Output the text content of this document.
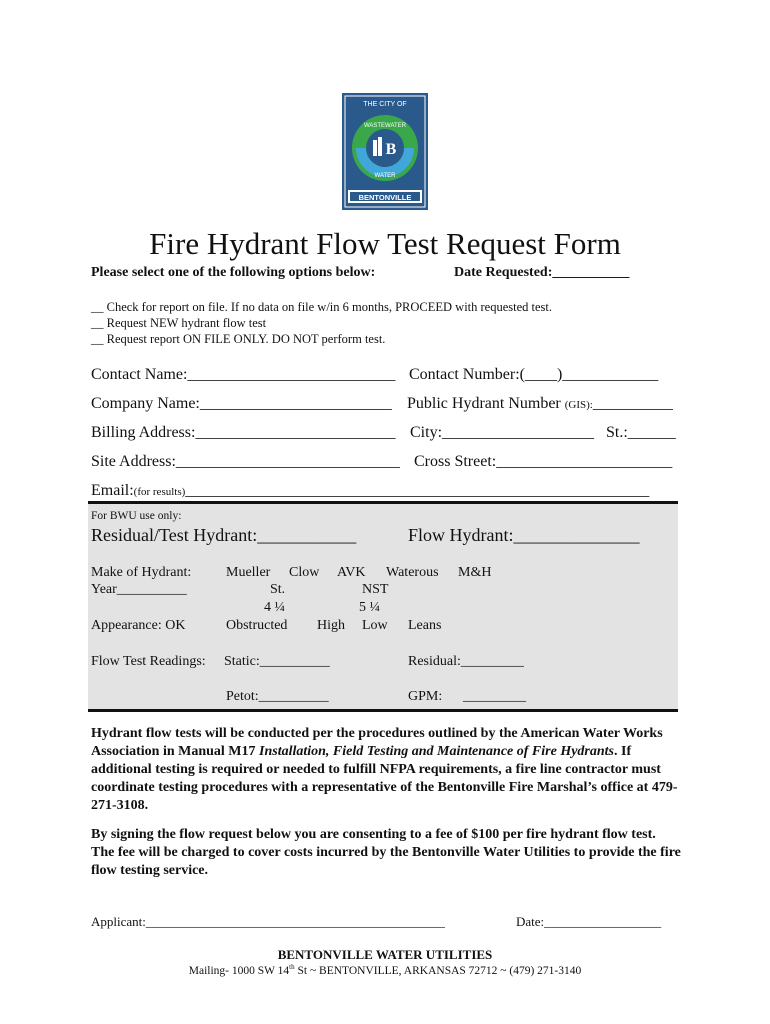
THE CITY OF
WASTEWATER
WATER
B
BENTONVILLE
Fire Hydrant Flow Test Request Form
Please select one of the following options below:	Date Requested:___________
__ Check for report on file. If no data on file w/in 6 months, PROCEED with requested test.
__ Request NEW hydrant flow test
__ Request report ON FILE ONLY. DO NOT perform test.
Contact Name:__________________________ Contact Number:(____)____________
Company Name:________________________ Public Hydrant Number (GIS):__________
Billing Address:_________________________ City:___________________ St.:______
Site Address:____________________________ Cross Street:______________________
Email:(for results)__________________________________________________________
For BWU use only:
Residual/Test Hydrant:___________	Flow Hydrant:______________
Make of Hydrant: Mueller Clow AVK Waterous M&H
Year__________	St.	NST
4 ¼	5 ¼
Appearance: OK	Obstructed High Low Leans
Flow Test Readings: Static:__________	Residual:_________
Petot:__________	GPM: _________
Hydrant flow tests will be conducted per the procedures outlined by the American Water Works Association in Manual M17 Installation, Field Testing and Maintenance of Fire Hydrants. If additional testing is required or needed to fulfill NFPA requirements, a fire line contractor must coordinate testing procedures with a representative of the Bentonville Fire Marshal’s office at 479-271-3108.
By signing the flow request below you are consenting to a fee of $100 per fire hydrant flow test. The fee will be charged to cover costs incurred by the Bentonville Water Utilities to provide the fire flow testing service.
Applicant:______________________________________________	Date:__________________
BENTONVILLE WATER UTILITIES
Mailing- 1000 SW 14th St ~ BENTONVILLE, ARKANSAS 72712 ~ (479) 271-3140
